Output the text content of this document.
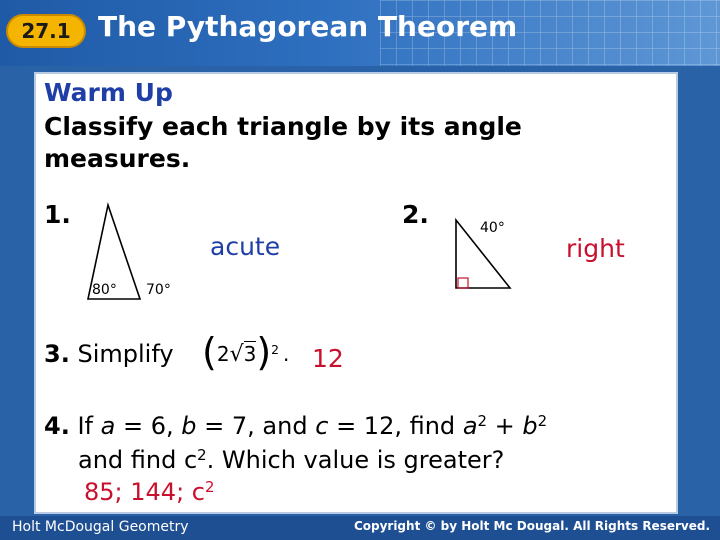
27.1 The Pythagorean Theorem
Warm Up
Classify each triangle by its angle
measures.
1.
80° 70°
acute
2.	40°
right
3. Simplify $(2√3)^2$ . 12
4. If a = 6, b = 7, and c = 12, find $a^2 + b^2$
and find $c^2$. Which value is greater?
85; 144; $c^2$
Holt McDougal Geometry	Copyright © by Holt Mc Dougal. All Rights Reserved.
